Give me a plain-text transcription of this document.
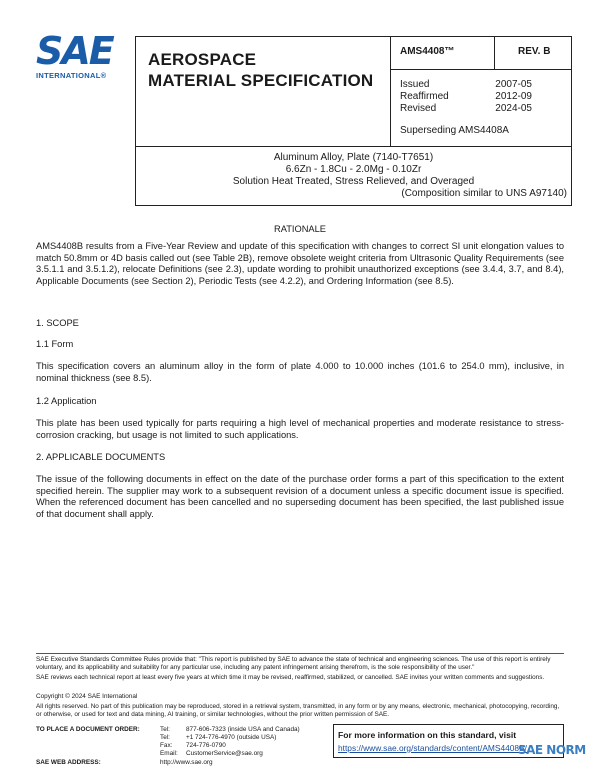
SAE
INTERNATIONAL®
AEROSPACE
MATERIAL SPECIFICATION
AMS4408™	REV. B
Issued	2007-05
Reaffirmed	2012-09
Revised	2024-05
Superseding AMS4408A
Aluminum Alloy, Plate (7140-T7651)
6.6Zn - 1.8Cu - 2.0Mg - 0.10Zr
Solution Heat Treated, Stress Relieved, and Overaged
(Composition similar to UNS A97140)
RATIONALE
AMS4408B results from a Five-Year Review and update of this specification with changes to correct SI unit elongation values to match 50.8mm or 4D basis called out (see Table 2B), remove obsolete weight criteria from Ultrasonic Quality Requirements (see 3.5.1.1 and 3.5.1.2), relocate Definitions (see 2.3), update wording to prohibit unauthorized exceptions (see 3.4.4, 3.7, and 8.4), Applicable Documents (see Section 2), Periodic Tests (see 4.2.2), and Ordering Information (see 8.5).
1. SCOPE
1.1 Form
This specification covers an aluminum alloy in the form of plate 4.000 to 10.000 inches (101.6 to 254.0 mm), inclusive, in nominal thickness (see 8.5).
1.2 Application
This plate has been used typically for parts requiring a high level of mechanical properties and moderate resistance to stress-corrosion cracking, but usage is not limited to such applications.
2. APPLICABLE DOCUMENTS
The issue of the following documents in effect on the date of the purchase order forms a part of this specification to the extent specified herein. The supplier may work to a subsequent revision of a document unless a specific document issue is specified. When the referenced document has been cancelled and no superseding document has been specified, the last published issue of that document shall apply.
SAE Executive Standards Committee Rules provide that: "This report is published by SAE to advance the state of technical and engineering sciences. The use of this report is entirely voluntary, and its applicability and suitability for any particular use, including any patent infringement arising therefrom, is the sole responsibility of the user."
SAE reviews each technical report at least every five years at which time it may be revised, reaffirmed, stabilized, or cancelled. SAE invites your written comments and suggestions.
Copyright © 2024 SAE International
All rights reserved. No part of this publication may be reproduced, stored in a retrieval system, transmitted, in any form or by any means, electronic, mechanical, photocopying, recording, or otherwise, or used for text and data mining, AI training, or similar technologies, without the prior written permission of SAE.
TO PLACE A DOCUMENT ORDER:	Tel:	877-606-7323 (inside USA and Canada)
Tel:	+1 724-776-4970 (outside USA)
Fax: 724-776-0790
Email: CustomerService@sae.org
SAE WEB ADDRESS:	http://www.sae.org
For more information on this standard, visit
https://www.sae.org/standards/content/AMS4408B/
SAE NORM
